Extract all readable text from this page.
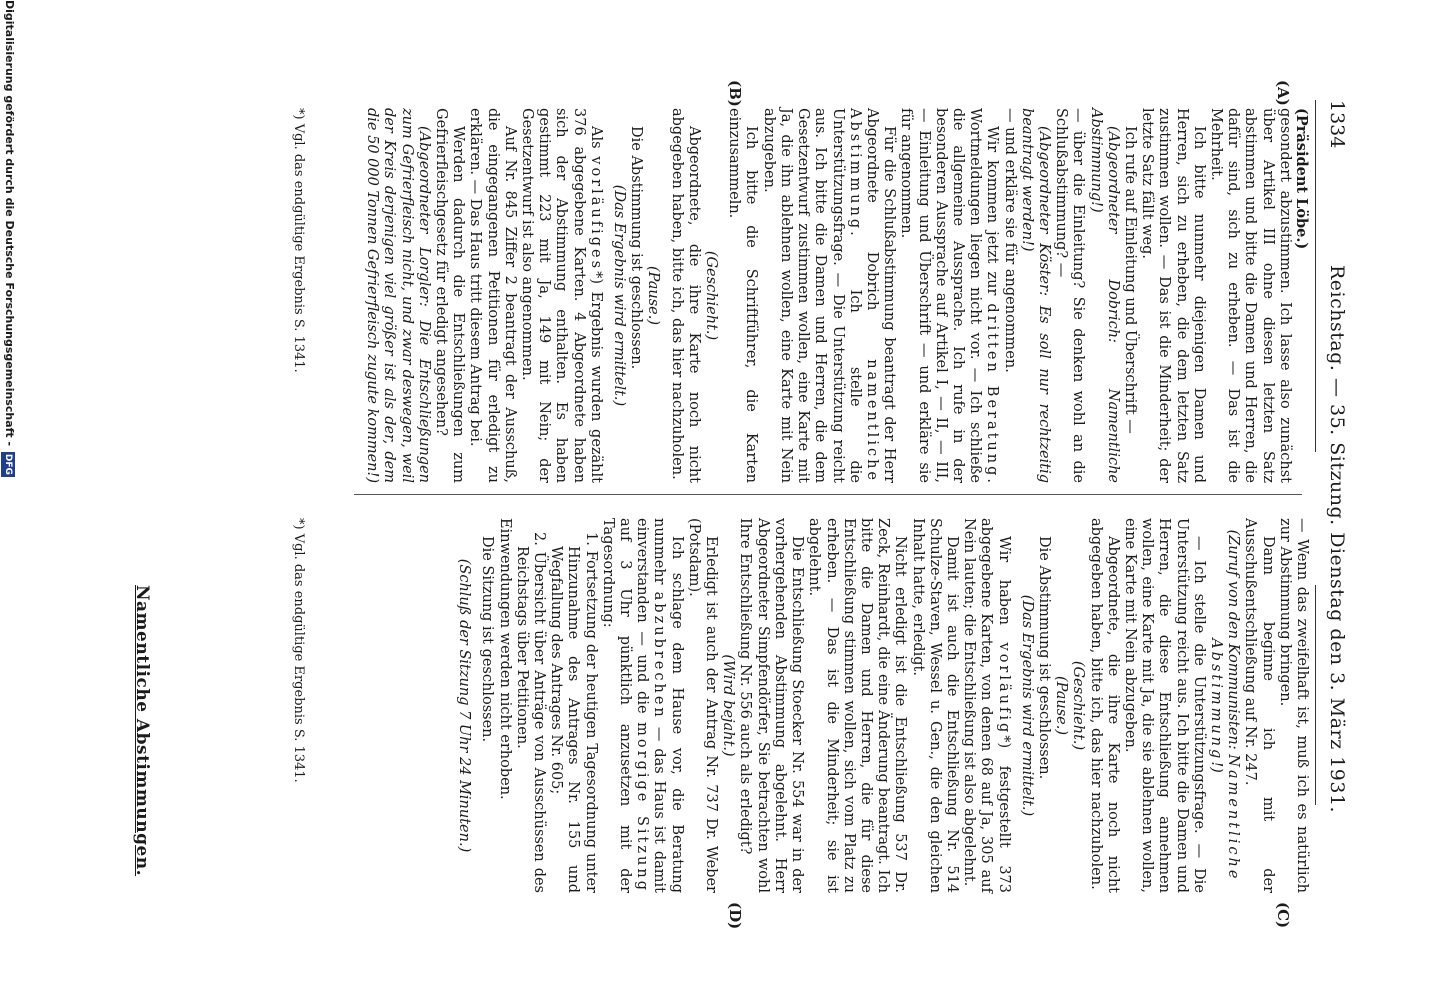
1334
Reichstag. — 35. Sitzung. Dienstag den 3. März 1931.
(A)
(B)
(C)
(D)

(Präsident Löbe.)

gesondert abzustimmen. Ich lasse also zunächst über Artikel III ohne diesen letzten Satz abstimmen und bitte die Damen und Herren, die dafür sind, sich zu erheben. — Das ist die Mehrheit.

Ich bitte nunmehr diejenigen Damen und Herren, sich zu erheben, die dem letzten Satz zustimmen wollen. — Das ist die Minderheit; der letzte Satz fällt weg.

Ich rufe auf Einleitung und Überschrift —

(Abgeordneter Dobrich: Namentliche Abstimmung!)

— über die Einleitung? Sie denken wohl an die Schlußabstimmung? —

(Abgeordneter Köster: Es soll nur rechtzeitig beantragt werden!)

— und erkläre sie für angenommen.

Wir kommen jetzt zur dritten Beratung. Wortmeldungen liegen nicht vor. — Ich schließe die allgemeine Aussprache. Ich rufe in der besonderen Aussprache auf Artikel I, — II, — III, — Einleitung und Überschrift — und erkläre sie für angenommen.

Für die Schlußabstimmung beantragt der Herr Abgeordnete Dobrich namentliche Abstimmung. Ich stelle die Unterstützungsfrage. — Die Unterstützung reicht aus. Ich bitte die Damen und Herren, die dem Gesetzentwurf zustimmen wollen, eine Karte mit Ja, die ihn ablehnen wollen, eine Karte mit Nein abzugeben.

Ich bitte die Schriftführer, die Karten einzusammeln.

(Geschieht.)

Abgeordnete, die ihre Karte noch nicht abgegeben haben, bitte ich, das hier nachzuholen.

(Pause.)

Die Abstimmung ist geschlossen.

(Das Ergebnis wird ermittelt.)

Als vorläufiges*) Ergebnis wurden gezählt 376 abgegebene Karten. 4 Abgeordnete haben sich der Abstimmung enthalten. Es haben gestimmt 223 mit Ja, 149 mit Nein; der Gesetzentwurf ist also angenommen.

Auf Nr. 845 Ziffer 2 beantragt der Ausschuß, die eingegangenen Petitionen für erledigt zu erklären. — Das Haus tritt diesem Antrag bei.

Werden dadurch die Entschließungen zum Gefrierfleischgesetz für erledigt angesehen?

(Abgeordneter Lorgler: Die Entschließungen zum Gefrierfleisch nicht, und zwar deswegen, weil der Kreis derjenigen viel größer ist als der, dem die 50 000 Tonnen Gefrierfleisch zugute kommen!)

— Wenn das zweifelhaft ist, muß ich es natürlich zur Abstimmung bringen.

Dann beginne ich mit der Ausschußentschließung auf Nr. 247.

(Zuruf von den Kommunisten: Namentliche Abstimmung!)

— Ich stelle die Unterstützungsfrage. — Die Unterstützung reicht aus. Ich bitte die Damen und Herren, die diese Entschließung annehmen wollen, eine Karte mit Ja, die sie ablehnen wollen, eine Karte mit Nein abzugeben.

Abgeordnete, die ihre Karte noch nicht abgegeben haben, bitte ich, das hier nachzuholen.

(Geschieht.)

(Pause.)

Die Abstimmung ist geschlossen.

(Das Ergebnis wird ermittelt.)

Wir haben vorläufig*) festgestellt 373 abgegebene Karten, von denen 68 auf Ja, 305 auf Nein lauten; die Entschließung ist also abgelehnt.

Damit ist auch die Entschließung Nr. 514 Schulze-Staven, Wessel u. Gen., die den gleichen Inhalt hatte, erledigt.

Nicht erledigt ist die Entschließung 537 Dr. Zeck, Reinhardt, die eine Änderung beantragt. Ich bitte die Damen und Herren, die für diese Entschließung stimmen wollen, sich vom Platz zu erheben. — Das ist die Minderheit; sie ist abgelehnt.

Die Entschließung Stoecker Nr. 554 war in der vorhergehenden Abstimmung abgelehnt. Herr Abgeordneter Simpfendörfer, Sie betrachten wohl Ihre Entschließung Nr. 556 auch als erledigt?

(Wird bejaht.)

Erledigt ist auch der Antrag Nr. 737 Dr. Weber (Potsdam).

Ich schlage dem Hause vor, die Beratung nunmehr abzubrechen — das Haus ist damit einverstanden — und die morgige Sitzung auf 3 Uhr pünktlich anzusetzen mit der Tagesordnung:

1. Fortsetzung der heutigen Tagesordnung unter Hinzunahme des Antrages Nr. 155 und Wegfallung des Antrages Nr. 605;

2. Übersicht über Anträge von Ausschüssen des Reichstags über Petitionen.

Einwendungen werden nicht erhoben.

Die Sitzung ist geschlossen.

(Schluß der Sitzung 7 Uhr 24 Minuten.)

*) Vgl. das endgültige Ergebnis S. 1341.
*) Vgl. das endgültige Ergebnis S. 1341.
Namentliche Abstimmungen.
Digitalisierung gefördert durch die Deutsche Forschungsgemeinschaft - DFG
